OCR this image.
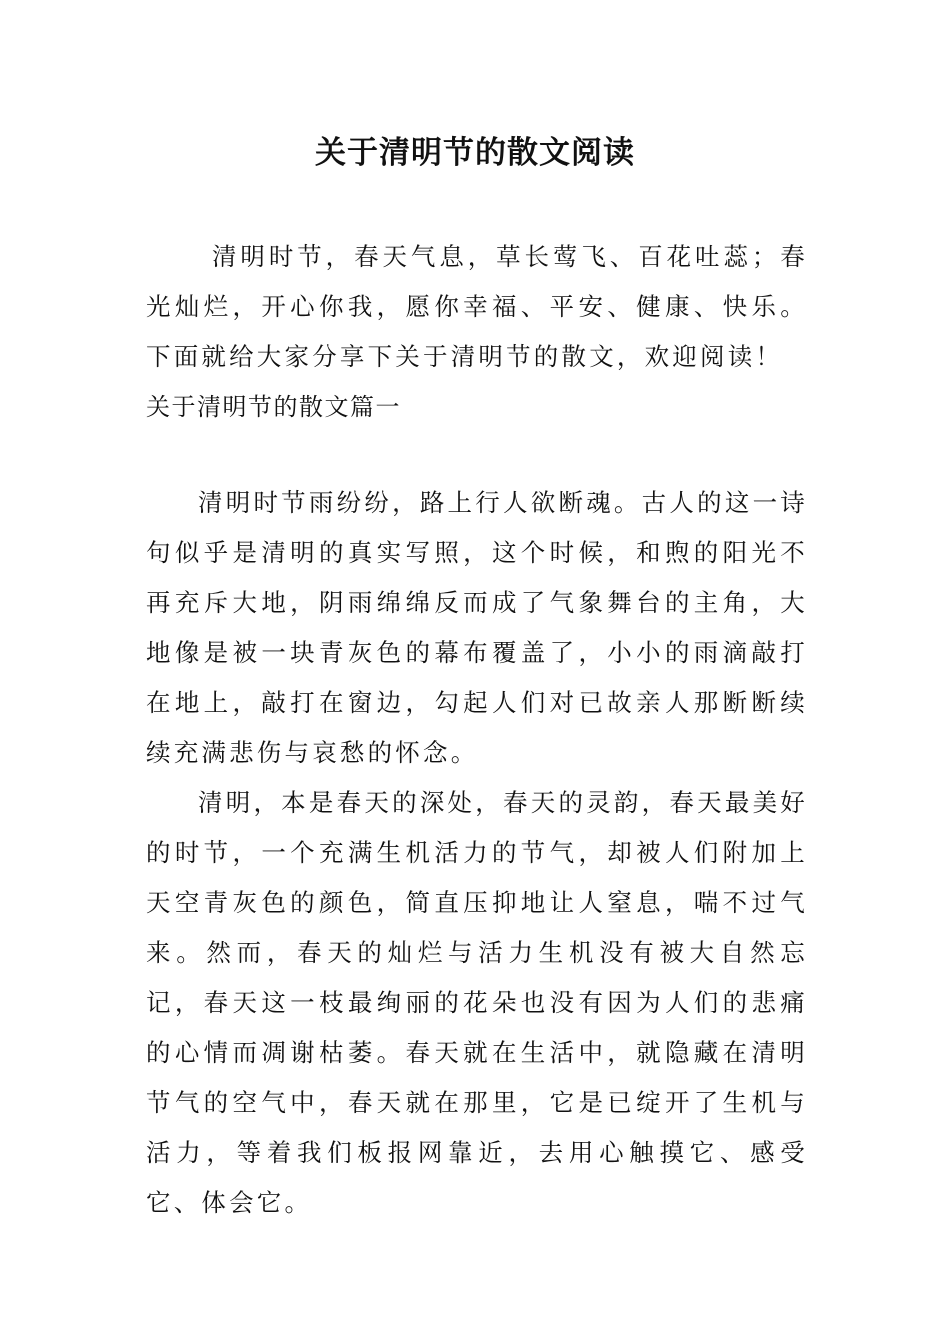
关于清明节的散文阅读

清明时节，春天气息，草长莺飞、百花吐蕊；春光灿烂，开心你我，愿你幸福、平安、健康、快乐。下面就给大家分享下关于清明节的散文，欢迎阅读！

关于清明节的散文篇一

清明时节雨纷纷，路上行人欲断魂。古人的这一诗句似乎是清明的真实写照，这个时候，和煦的阳光不再充斥大地，阴雨绵绵反而成了气象舞台的主角，大地像是被一块青灰色的幕布覆盖了，小小的雨滴敲打在地上，敲打在窗边，勾起人们对已故亲人那断断续续充满悲伤与哀愁的怀念。

清明，本是春天的深处，春天的灵韵，春天最美好的时节，一个充满生机活力的节气，却被人们附加上天空青灰色的颜色，简直压抑地让人窒息，喘不过气来。然而，春天的灿烂与活力生机没有被大自然忘记，春天这一枝最绚丽的花朵也没有因为人们的悲痛的心情而凋谢枯萎。春天就在生活中，就隐藏在清明节气的空气中，春天就在那里，它是已绽开了生机与活力，等着我们板报网靠近，去用心触摸它、感受它、体会它。
